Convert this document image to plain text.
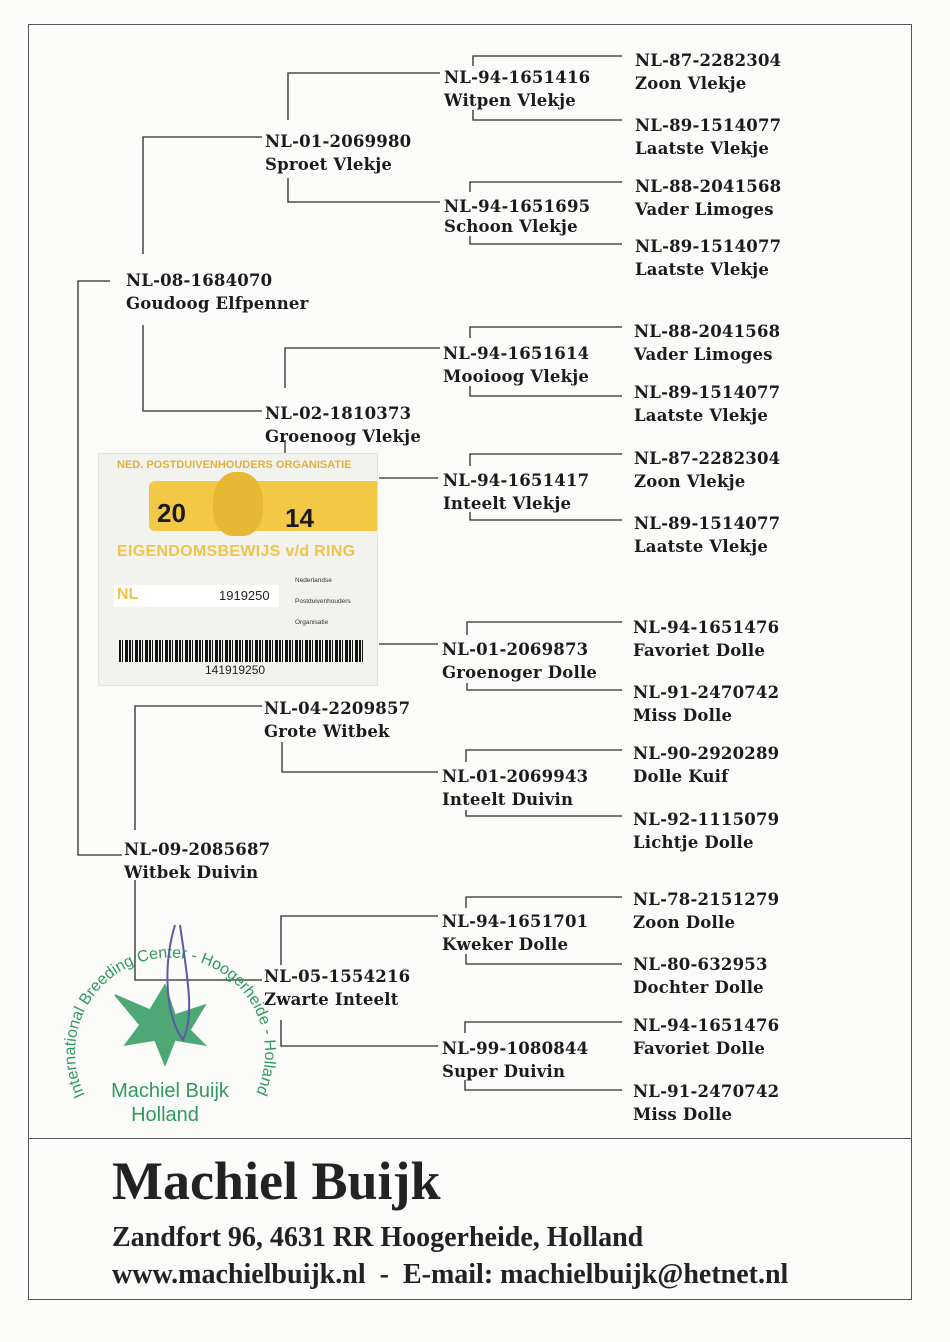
NL-08-1684070
Goudoog Elfpenner
NL-09-2085687
Witbek Duivin
NL-01-2069980
Sproet Vlekje
NL-02-1810373
Groenoog Vlekje
NL-04-2209857
Grote Witbek
NL-05-1554216
Zwarte Inteelt
NL-94-1651416
Witpen Vlekje
NL-94-1651695
Schoon Vlekje
NL-94-1651614
Mooioog Vlekje
NL-94-1651417
Inteelt Vlekje
NL-01-2069873
Groenoger Dolle
NL-01-2069943
Inteelt Duivin
NL-94-1651701
Kweker Dolle
NL-99-1080844
Super Duivin
NL-87-2282304
Zoon Vlekje
NL-89-1514077
Laatste Vlekje
NL-88-2041568
Vader Limoges
NL-89-1514077
Laatste Vlekje
NL-88-2041568
Vader Limoges
NL-89-1514077
Laatste Vlekje
NL-87-2282304
Zoon Vlekje
NL-89-1514077
Laatste Vlekje
NL-94-1651476
Favoriet Dolle
NL-91-2470742
Miss Dolle
NL-90-2920289
Dolle Kuif
NL-92-1115079
Lichtje Dolle
NL-78-2151279
Zoon Dolle
NL-80-632953
Dochter Dolle
NL-94-1651476
Favoriet Dolle
NL-91-2470742
Miss Dolle
NED. POSTDUIVENHOUDERS ORGANISATIE
20	14
EIGENDOMSBEWIJS v/d RING
Nederlandse
Postduivenhouders
Organisatie
NL	1919250
141919250
International Breeding Center - Hoogerheide - Holland
Machiel Buijk
Holland
Machiel Buijk
Zandfort 96, 4631 RR Hoogerheide, Holland
www.machielbuijk.nl - E-mail: machielbuijk@hetnet.nl
